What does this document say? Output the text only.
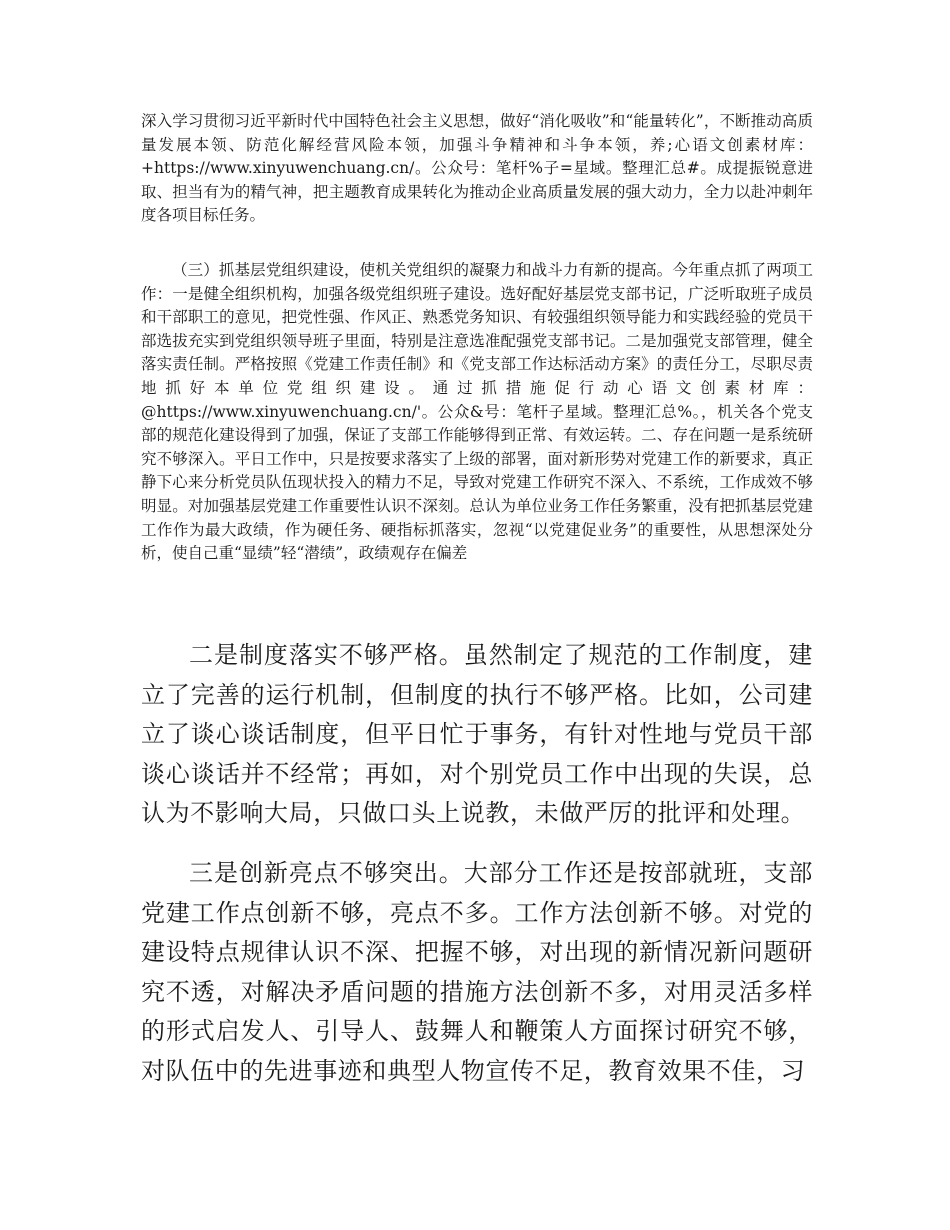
深入学习贯彻习近平新时代中国特色社会主义思想，做好“消化吸收”和“能量转化”，不断推动高质量发展本领、防范化解经营风险本领，加强斗争精神和斗争本领，养;心语文创素材库：+https://www.xinyuwenchuang.cn/。公众号：笔杆%子=星域。整理汇总#。成提振锐意进取、担当有为的精气神，把主题教育成果转化为推动企业高质量发展的强大动力，全力以赴冲刺年度各项目标任务。

（三）抓基层党组织建设，使机关党组织的凝聚力和战斗力有新的提高。今年重点抓了两项工作：一是健全组织机构，加强各级党组织班子建设。选好配好基层党支部书记，广泛听取班子成员和干部职工的意见，把党性强、作风正、熟悉党务知识、有较强组织领导能力和实践经验的党员干部选拔充实到党组织领导班子里面，特别是注意选准配强党支部书记。二是加强党支部管理，健全落实责任制。严格按照《党建工作责任制》和《党支部工作达标活动方案》的责任分工，尽职尽责地抓好本单位党组织建设。通过抓措施促行动心语文创素材库：@https://www.xinyuwenchuang.cn/'。公众&号：笔杆子星域。整理汇总%。，机关各个党支部的规范化建设得到了加强，保证了支部工作能够得到正常、有效运转。二、存在问题一是系统研究不够深入。平日工作中，只是按要求落实了上级的部署，面对新形势对党建工作的新要求，真正静下心来分析党员队伍现状投入的精力不足，导致对党建工作研究不深入、不系统，工作成效不够明显。对加强基层党建工作重要性认识不深刻。总认为单位业务工作任务繁重，没有把抓基层党建工作作为最大政绩，作为硬任务、硬指标抓落实，忽视“以党建促业务”的重要性，从思想深处分析，使自己重“显绩”轻“潜绩”，政绩观存在偏差

二是制度落实不够严格。虽然制定了规范的工作制度，建立了完善的运行机制，但制度的执行不够严格。比如，公司建立了谈心谈话制度，但平日忙于事务，有针对性地与党员干部谈心谈话并不经常；再如，对个别党员工作中出现的失误，总认为不影响大局，只做口头上说教，未做严厉的批评和处理。

三是创新亮点不够突出。大部分工作还是按部就班，支部党建工作点创新不够，亮点不多。工作方法创新不够。对党的建设特点规律认识不深、把握不够，对出现的新情况新问题研究不透，对解决矛盾问题的措施方法创新不多，对用灵活多样的形式启发人、引导人、鼓舞人和鞭策人方面探讨研究不够，对队伍中的先进事迹和典型人物宣传不足，教育效果不佳，习
